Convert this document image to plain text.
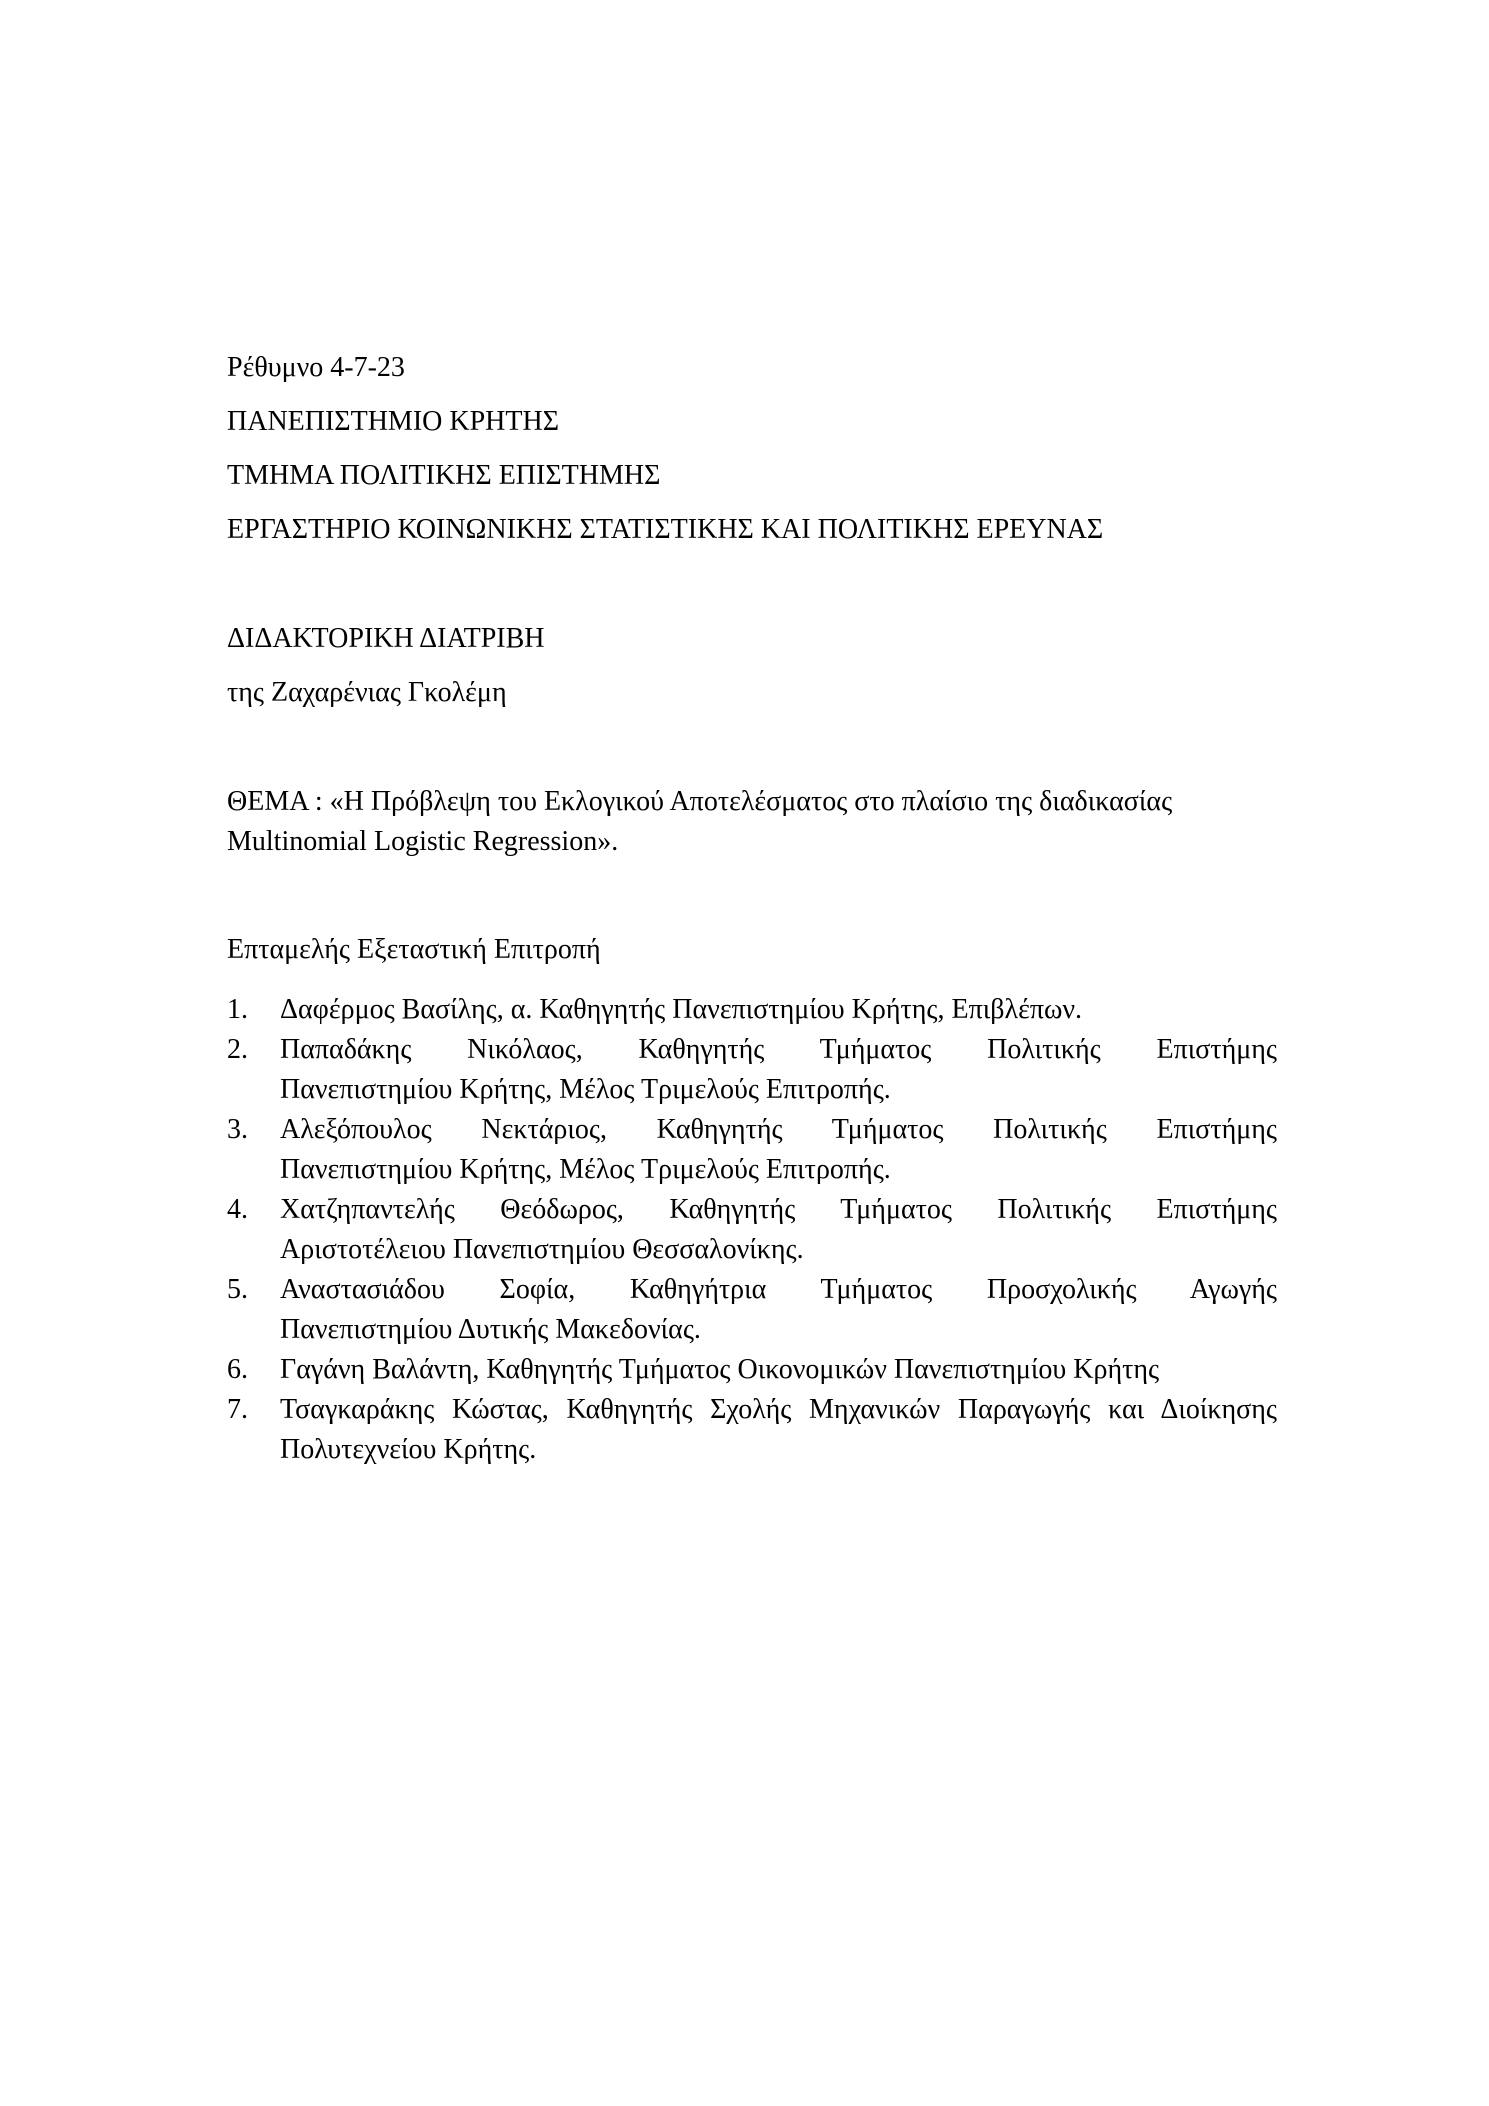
Ρέθυμνο 4-7-23
ΠΑΝΕΠΙΣΤΗΜΙΟ ΚΡΗΤΗΣ
ΤΜΗΜΑ ΠΟΛΙΤΙΚΗΣ ΕΠΙΣΤΗΜΗΣ
ΕΡΓΑΣΤΗΡΙΟ ΚΟΙΝΩΝΙΚΗΣ ΣΤΑΤΙΣΤΙΚΗΣ ΚΑΙ ΠΟΛΙΤΙΚΗΣ ΕΡΕΥΝΑΣ
ΔΙΔΑΚΤΟΡΙΚΗ ΔΙΑΤΡΙΒΗ
της Ζαχαρένιας Γκολέμη

ΘΕΜΑ : «Η Πρόβλεψη του Εκλογικού Αποτελέσματος στο πλαίσιο της διαδικασίας

Multinomial Logistic Regression».

Επταμελής Εξεταστική Επιτροπή
1. Δαφέρμος Βασίλης, α. Καθηγητής Πανεπιστημίου Κρήτης, Επιβλέπων.
2. Παπαδάκης Νικόλαος, Καθηγητής Τμήματος Πολιτικής Επιστήμης
Πανεπιστημίου Κρήτης, Μέλος Τριμελούς Επιτροπής.
3. Αλεξόπουλος Νεκτάριος, Καθηγητής Τμήματος Πολιτικής Επιστήμης
Πανεπιστημίου Κρήτης, Μέλος Τριμελούς Επιτροπής.
4. Χατζηπαντελής Θεόδωρος, Καθηγητής Τμήματος Πολιτικής Επιστήμης
Αριστοτέλειου Πανεπιστημίου Θεσσαλονίκης.
5. Αναστασιάδου Σοφία, Καθηγήτρια Τμήματος Προσχολικής Αγωγής
Πανεπιστημίου Δυτικής Μακεδονίας.
6. Γαγάνη Βαλάντη, Καθηγητής Τμήματος Οικονομικών Πανεπιστημίου Κρήτης
7. Τσαγκαράκης Κώστας, Καθηγητής Σχολής Μηχανικών Παραγωγής και Διοίκησης
Πολυτεχνείου Κρήτης.
